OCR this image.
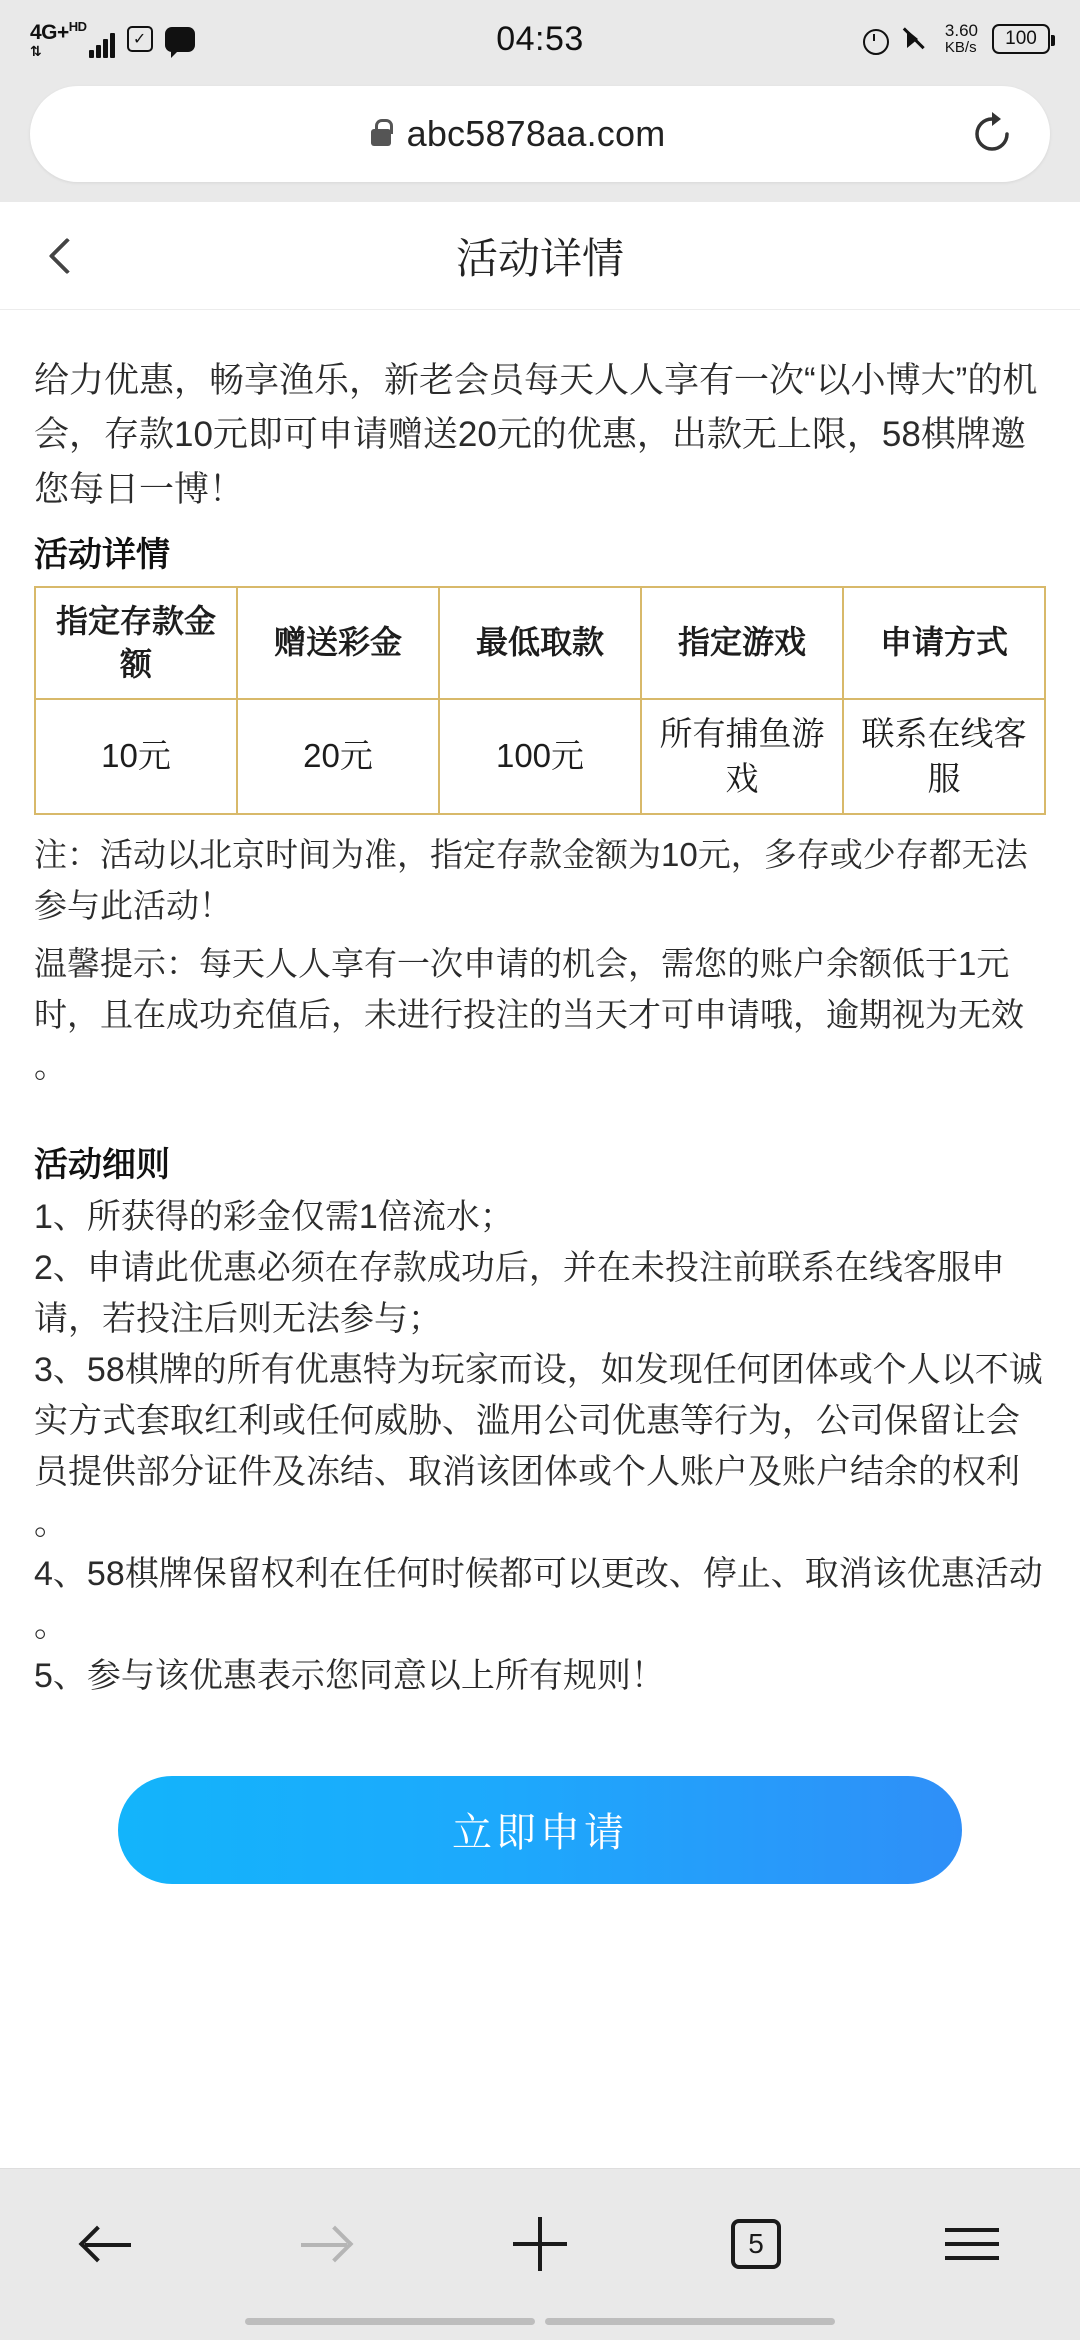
4G+$^{HD}$
⇅
✓	04:53	3.60
KB/s 100
abc5878aa.com
活动详情
给力优惠，畅享渔乐，新老会员每天人人享有一次“以小博大”的机会，存款10元即可申请赠送20元的优惠，出款无上限，58棋牌邀您每日一博！
活动详情
指定存款金额	赠送彩金	最低取款	指定游戏	申请方式
10元	20元	100元	所有捕鱼游戏	联系在线客服
注：活动以北京时间为准，指定存款金额为10元，多存或少存都无法参与此活动！
温馨提示：每天人人享有一次申请的机会，需您的账户余额低于1元时，且在成功充值后，未进行投注的当天才可申请哦，逾期视为无效 。
活动细则
1、所获得的彩金仅需1倍流水；
2、申请此优惠必须在存款成功后，并在未投注前联系在线客服申请，若投注后则无法参与；
3、58棋牌的所有优惠特为玩家而设，如发现任何团体或个人以不诚实方式套取红利或任何威胁、滥用公司优惠等行为，公司保留让会员提供部分证件及冻结、取消该团体或个人账户及账户结余的权利 。
4、58棋牌保留权利在任何时候都可以更改、停止、取消该优惠活动 。
5、参与该优惠表示您同意以上所有规则！
立即申请
5
